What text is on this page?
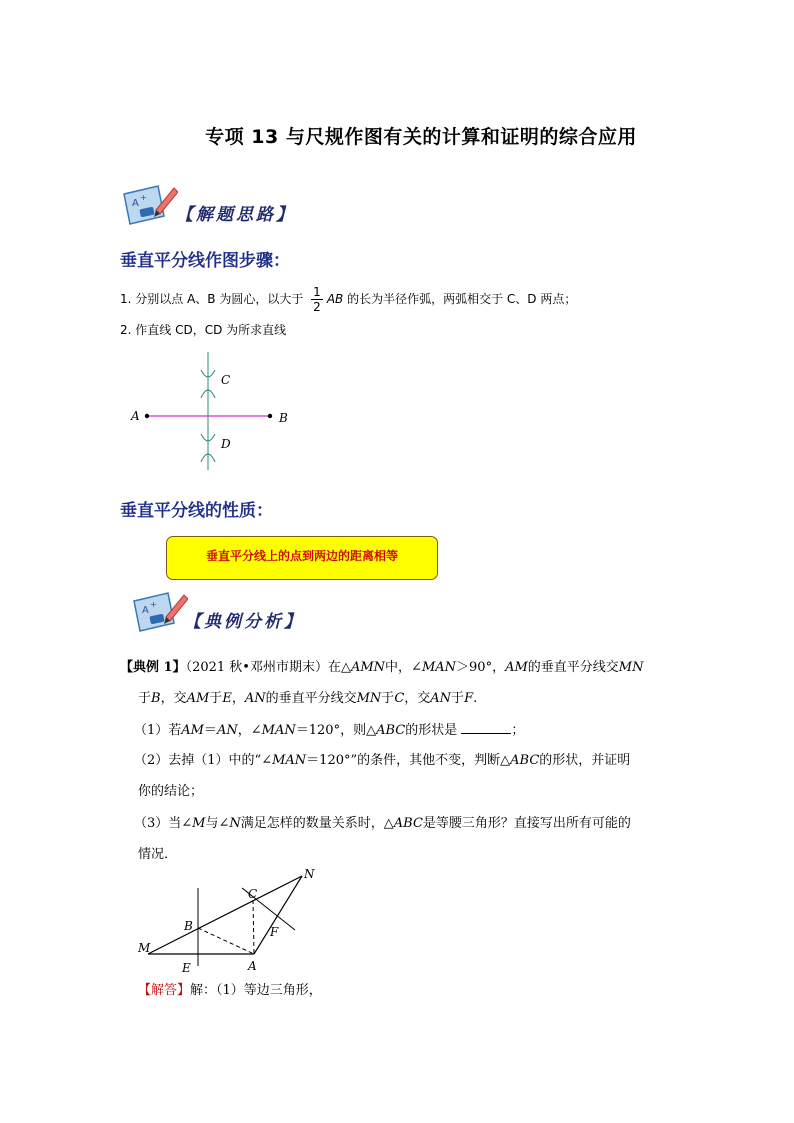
专项 13 与尺规作图有关的计算和证明的综合应用
A
+
【解题思路】
垂直平分线作图步骤：
1. 分别以点 A、B 为圆心，以大于 $\frac{1}{2}$ AB 的长为半径作弧，两弧相交于 C、D 两点；
2. 作直线 CD，CD 为所求直线
A	B
C
D
垂直平分线的性质：
垂直平分线上的点到两边的距离相等
A
+
【典例分析】
【典例 1】（2021 秋•邓州市期末）在△AMN中，∠MAN＞90°，AM的垂直平分线交MN
于B，交AM于E，AN的垂直平分线交MN于C，交AN于F.
（1）若AM＝AN，∠MAN＝120°，则△ABC的形状是	；
（2）去掉（1）中的“∠MAN＝120°”的条件，其他不变，判断△ABC的形状，并证明
你的结论；
（3）当∠M与∠N满足怎样的数量关系时，△ABC是等腰三角形？直接写出所有可能的
情况．
M
N
A
B
C
E
F
【解答】解：（1）等边三角形，
